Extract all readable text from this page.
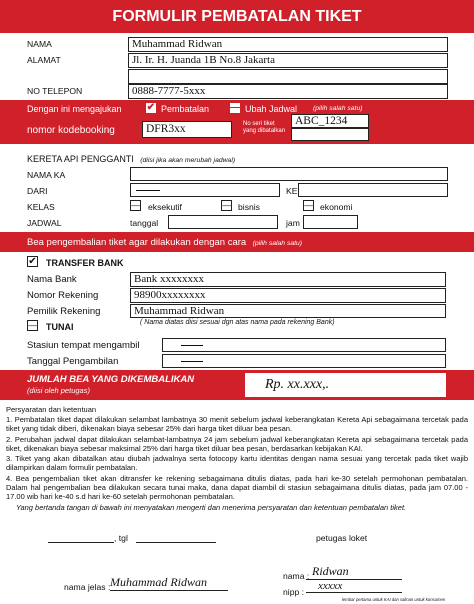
FORMULIR PEMBATALAN TIKET
NAMA	Muhammad Ridwan
ALAMAT	Jl. Ir. H. Juanda 1B No.8 Jakarta
NO TELEPON	0888-7777-5xxx
Dengan ini mengajukan	✔ Pembatalan — Ubah Jadwal (pilih salah satu)
nomor kodebooking	DFR3xx	No seri tiket
yang dibatalkan
ABC_1234
KERETA API PENGGANTI (diisi jika akan merubah jadwal)
NAMA KA
DARI	KE
KELAS	— eksekutif	— bisnis	— ekonomi
JADWAL	tanggal	jam
Bea pengembalian tiket agar dilakukan dengan cara (pilih salah satu)
✔ TRANSFER BANK
Nama Bank	Bank xxxxxxxx
Nomor Rekening	98900xxxxxxxx
Pemilik Rekening	Muhammad Ridwan
( Nama diatas diisi sesuai dgn atas nama pada rekening Bank)
— TUNAI
Stasiun tempat mengambil
Tanggal Pengambilan
JUMLAH BEA YANG DIKEMBALIKAN
(diisi oleh petugas)	Rp. xx.xxx,.
Persyaratan dan ketentuan

1. Pembatalan tiket dapat dilakukan selambat lambatnya 30 menit sebelum jadwal keberangkatan Kereta Api sebagaimana tercetak pada tiket yang tidak diberi, dikenakan biaya sebesar 25% dari harga tiket diluar bea pesan.

2. Perubahan jadwal dapat dilakukan selambat-lambatnya 24 jam sebelum jadwal keberangkatan Kereta api sebagaimana tercetak pada tiket, dikenakan biaya sebesar maksimal 25% dari harga tiket diluar bea pesan, berdasarkan kebijakan KAI.

3. Tiket yang akan dibatalkan atau diubah jadwalnya serta fotocopy kartu identitas dengan nama sesuai yang tercetak pada tiket wajib dilampirkan dalam formulir pembatalan.

4. Bea pengembalian tiket akan ditransfer ke rekening sebagaimana ditulis diatas, pada hari ke-30 setelah permohonan pembatalan. Dalam hal pengembalian bea dilakukan secara tunai maka, dana dapat diambil di stasiun sebagaimana ditulis diatas, pada jam 07.00 - 17.00 wib hari ke-40 s.d hari ke-60 setelah permohonan pembatalan.

Yang bertanda tangan di bawah ini menyatakan mengerti dan menerima persyaratan dan ketentuan pembatalan tiket.

, tgl	petugas loket
nama jelas : Muhammad Ridwan	nama : Ridwan
nipp :	xxxxx
lembar pertama untuk KAI dan salinan untuk konsumen
